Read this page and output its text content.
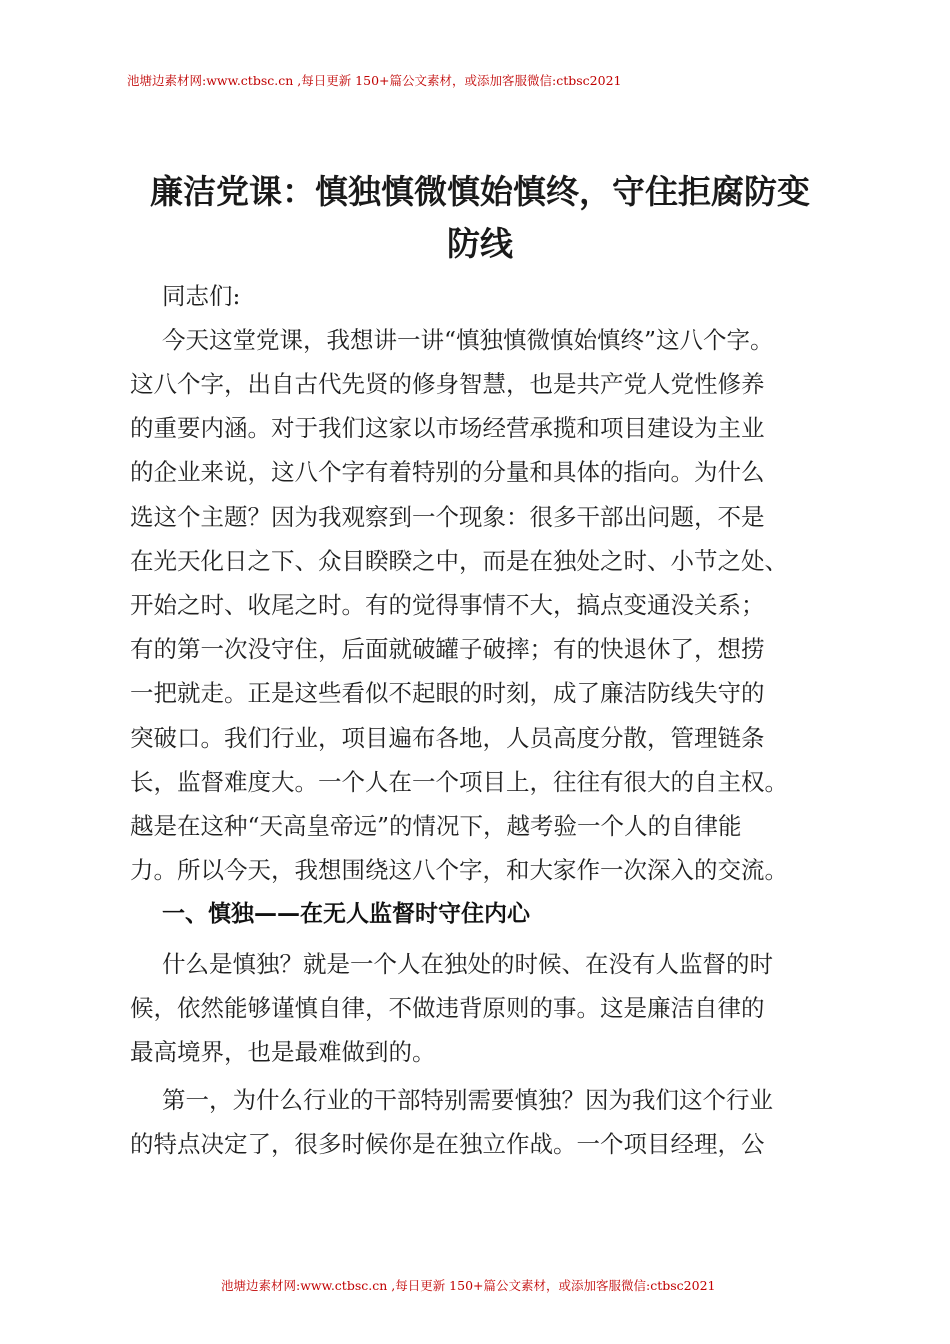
池塘边素材网:www.ctbsc.cn ,每日更新 150+篇公文素材，或添加客服微信:ctbsc2021
廉洁党课：慎独慎微慎始慎终，守住拒腐防变
防线
同志们:
今天这堂党课，我想讲一讲“慎独慎微慎始慎终”这八个字。
这八个字，出自古代先贤的修身智慧，也是共产党人党性修养
的重要内涵。对于我们这家以市场经营承揽和项目建设为主业
的企业来说，这八个字有着特别的分量和具体的指向。为什么
选这个主题？因为我观察到一个现象：很多干部出问题，不是
在光天化日之下、众目睽睽之中，而是在独处之时、小节之处、
开始之时、收尾之时。有的觉得事情不大，搞点变通没关系；
有的第一次没守住，后面就破罐子破摔；有的快退休了，想捞
一把就走。正是这些看似不起眼的时刻，成了廉洁防线失守的
突破口。我们行业，项目遍布各地，人员高度分散，管理链条
长，监督难度大。一个人在一个项目上，往往有很大的自主权。
越是在这种“天高皇帝远”的情况下，越考验一个人的自律能
力。所以今天，我想围绕这八个字，和大家作一次深入的交流。
一、慎独——在无人监督时守住内心
什么是慎独？就是一个人在独处的时候、在没有人监督的时
候，依然能够谨慎自律，不做违背原则的事。这是廉洁自律的
最高境界，也是最难做到的。
第一，为什么行业的干部特别需要慎独？因为我们这个行业
的特点决定了，很多时候你是在独立作战。一个项目经理，公
池塘边素材网:www.ctbsc.cn ,每日更新 150+篇公文素材，或添加客服微信:ctbsc2021
